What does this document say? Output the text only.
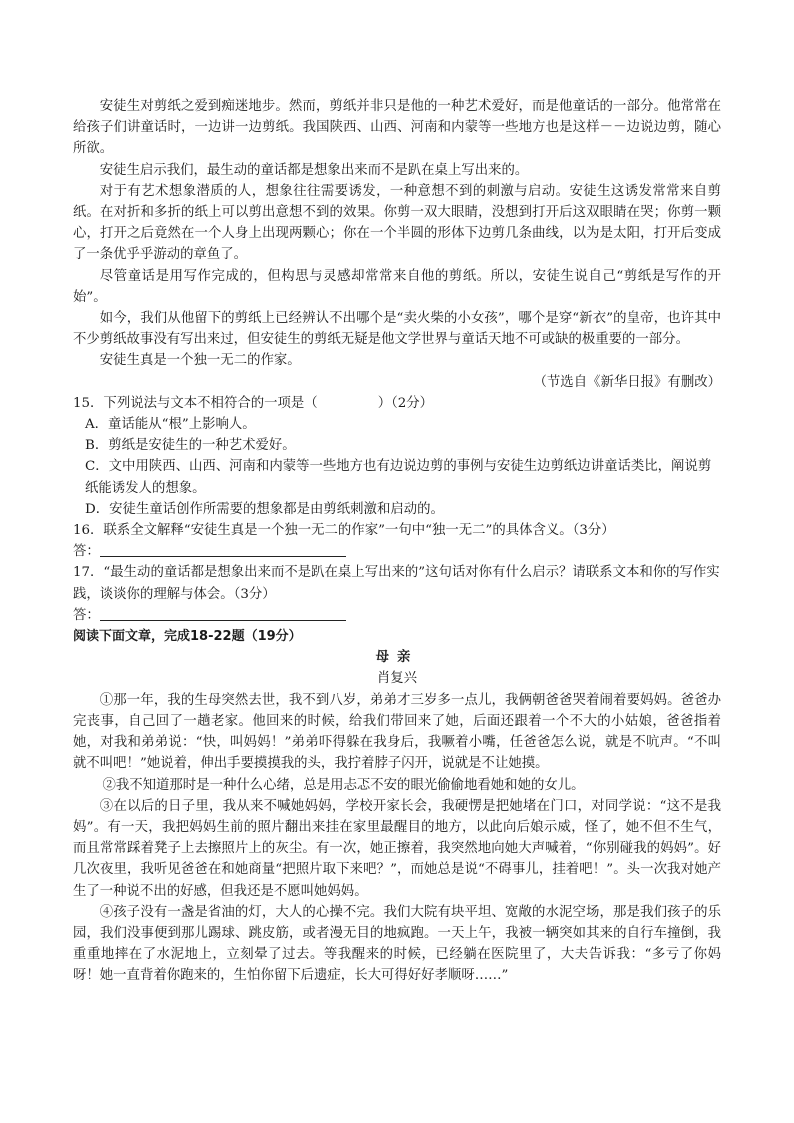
安徒生对剪纸之爱到痴迷地步。然而，剪纸并非只是他的一种艺术爱好，而是他童话的一部分。他常常在给孩子们讲童话时，一边讲一边剪纸。我国陕西、山西、河南和内蒙等一些地方也是这样－－边说边剪，随心所欲。

安徒生启示我们，最生动的童话都是想象出来而不是趴在桌上写出来的。

对于有艺术想象潜质的人，想象往往需要诱发，一种意想不到的刺激与启动。安徒生这诱发常常来自剪纸。在对折和多折的纸上可以剪出意想不到的效果。你剪一双大眼睛，没想到打开后这双眼睛在哭；你剪一颗心，打开之后竟然在一个人身上出现两颗心；你在一个半圆的形体下边剪几条曲线，以为是太阳，打开后变成了一条优乎乎游动的章鱼了。

尽管童话是用写作完成的，但构思与灵感却常常来自他的剪纸。所以，安徒生说自己“剪纸是写作的开始”。

如今，我们从他留下的剪纸上已经辨认不出哪个是“卖火柴的小女孩”，哪个是穿“新衣”的皇帝，也许其中不少剪纸故事没有写出来过，但安徒生的剪纸无疑是他文学世界与童话天地不可或缺的极重要的一部分。

安徒生真是一个独一无二的作家。

（节选自《新华日报》有删改）

15．下列说法与文本不相符合的一项是（	）（2分）

A．童话能从“根”上影响人。

B．剪纸是安徒生的一种艺术爱好。

C．文中用陕西、山西、河南和内蒙等一些地方也有边说边剪的事例与安徒生边剪纸边讲童话类比，阐说剪纸能诱发人的想象。

D．安徒生童话创作所需要的想象都是由剪纸刺激和启动的。

16．联系全文解释“安徒生真是一个独一无二的作家”一句中“独一无二”的具体含义。（3分）

答：

17．“最生动的童话都是想象出来而不是趴在桌上写出来的”这句话对你有什么启示？请联系文本和你的写作实践，谈谈你的理解与体会。（3分）

答：

阅读下面文章，完成18-22题（19分）

母亲

肖复兴

①那一年，我的生母突然去世，我不到八岁，弟弟才三岁多一点儿，我俩朝爸爸哭着闹着要妈妈。爸爸办完丧事，自己回了一趟老家。他回来的时候，给我们带回来了她，后面还跟着一个不大的小姑娘，爸爸指着她，对我和弟弟说：“快，叫妈妈！”弟弟吓得躲在我身后，我噘着小嘴，任爸爸怎么说，就是不吭声。“不叫就不叫吧！”她说着，伸出手要摸摸我的头，我拧着脖子闪开，说就是不让她摸。

②我不知道那时是一种什么心绪，总是用忐忑不安的眼光偷偷地看她和她的女儿。

③在以后的日子里，我从来不喊她妈妈，学校开家长会，我硬愣是把她堵在门口，对同学说：“这不是我妈”。有一天，我把妈妈生前的照片翻出来挂在家里最醒目的地方，以此向后娘示威，怪了，她不但不生气，而且常常踩着凳子上去擦照片上的灰尘。有一次，她正擦着，我突然地向她大声喊着，“你别碰我的妈妈”。好几次夜里，我听见爸爸在和她商量“把照片取下来吧？”，而她总是说“不碍事儿，挂着吧！”。头一次我对她产生了一种说不出的好感，但我还是不愿叫她妈妈。

④孩子没有一盏是省油的灯，大人的心操不完。我们大院有块平坦、宽敞的水泥空场，那是我们孩子的乐园，我们没事便到那儿踢球、跳皮筋，或者漫无目的地疯跑。一天上午，我被一辆突如其来的自行车撞倒，我重重地摔在了水泥地上，立刻晕了过去。等我醒来的时候，已经躺在医院里了，大夫告诉我：“多亏了你妈呀！她一直背着你跑来的，生怕你留下后遗症，长大可得好好孝顺呀……”
